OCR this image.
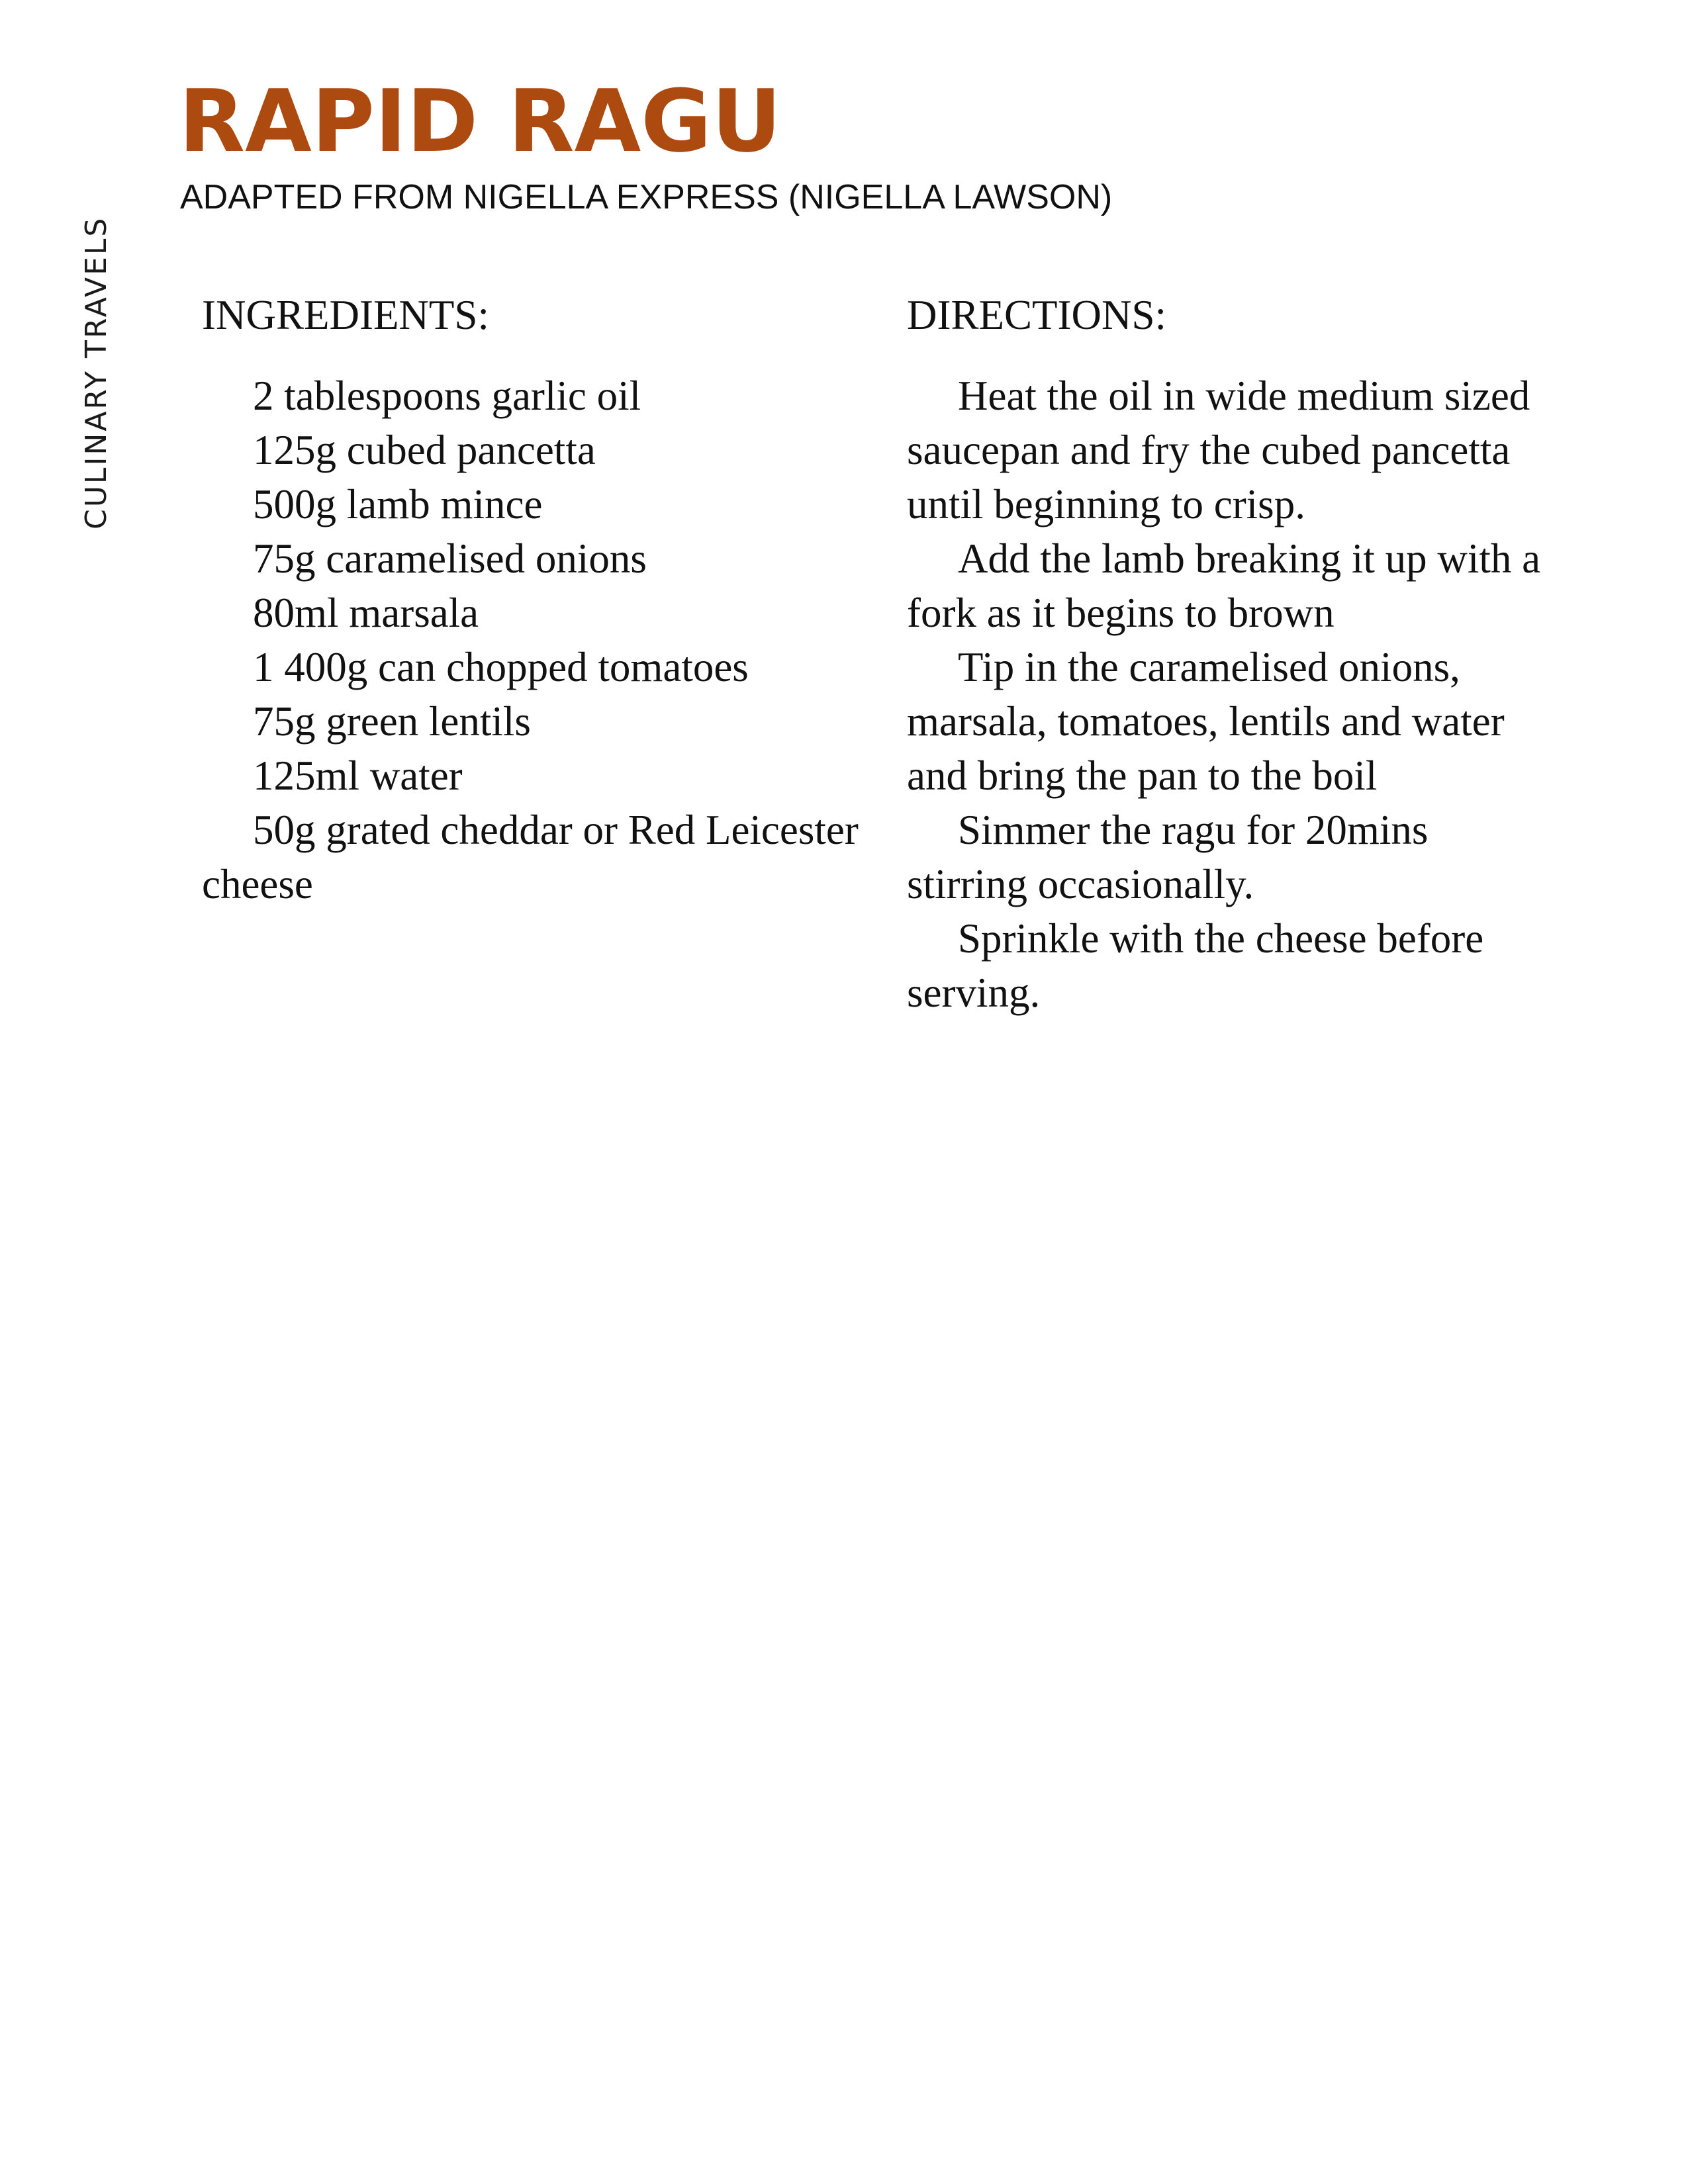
CULINARY TRAVELS
RAPID RAGU

ADAPTED FROM NIGELLA EXPRESS (NIGELLA LAWSON)

INGREDIENTS:
2 tablespoons garlic oil
125g cubed pancetta
500g lamb mince
75g caramelised onions
80ml marsala
1 400g can chopped tomatoes
75g green lentils
125ml water
50g grated cheddar or Red Leicester cheese
DIRECTIONS:
Heat the oil in wide medium sized saucepan and fry the cubed pancetta until beginning to crisp.
Add the lamb breaking it up with a fork as it begins to brown
Tip in the caramelised onions, marsala, tomatoes, lentils and water and bring the pan to the boil
Simmer the ragu for 20mins stirring occasionally.
Sprinkle with the cheese before serving.
